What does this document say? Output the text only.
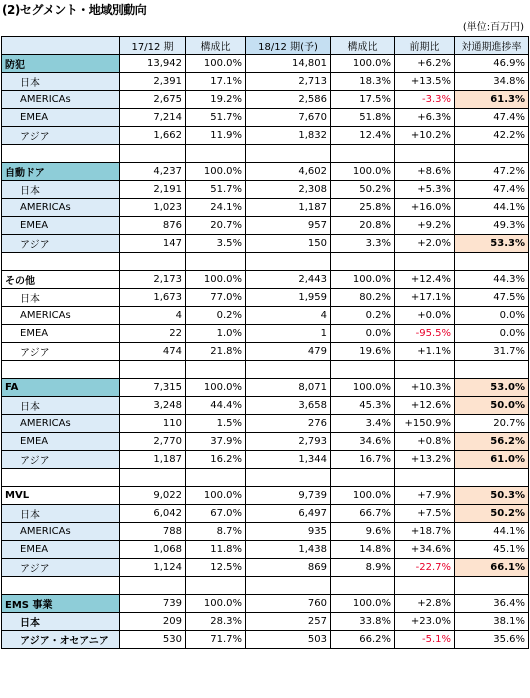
(2)セグメント・地域別動向
(単位:百万円)
	17/12 期	構成比	18/12 期(予)	構成比	前期比	対通期進捗率
防犯	13,942	100.0%	14,801	100.0%	+6.2%	46.9%
日本	2,391	17.1%	2,713	18.3%	+13.5%	34.8%
AMERICAs	2,675	19.2%	2,586	17.5%	-3.3%	61.3%
EMEA	7,214	51.7%	7,670	51.8%	+6.3%	47.4%
アジア	1,662	11.9%	1,832	12.4%	+10.2%	42.2%

自動ドア	4,237	100.0%	4,602	100.0%	+8.6%	47.2%
日本	2,191	51.7%	2,308	50.2%	+5.3%	47.4%
AMERICAs	1,023	24.1%	1,187	25.8%	+16.0%	44.1%
EMEA	876	20.7%	957	20.8%	+9.2%	49.3%
アジア	147	3.5%	150	3.3%	+2.0%	53.3%

その他	2,173	100.0%	2,443	100.0%	+12.4%	44.3%
日本	1,673	77.0%	1,959	80.2%	+17.1%	47.5%
AMERICAs	4	0.2%	4	0.2%	+0.0%	0.0%
EMEA	22	1.0%	1	0.0%	-95.5%	0.0%
アジア	474	21.8%	479	19.6%	+1.1%	31.7%

FA	7,315	100.0%	8,071	100.0%	+10.3%	53.0%
日本	3,248	44.4%	3,658	45.3%	+12.6%	50.0%
AMERICAs	110	1.5%	276	3.4%	+150.9%	20.7%
EMEA	2,770	37.9%	2,793	34.6%	+0.8%	56.2%
アジア	1,187	16.2%	1,344	16.7%	+13.2%	61.0%

MVL	9,022	100.0%	9,739	100.0%	+7.9%	50.3%
日本	6,042	67.0%	6,497	66.7%	+7.5%	50.2%
AMERICAs	788	8.7%	935	9.6%	+18.7%	44.1%
EMEA	1,068	11.8%	1,438	14.8%	+34.6%	45.1%
アジア	1,124	12.5%	869	8.9%	-22.7%	66.1%

EMS 事業	739	100.0%	760	100.0%	+2.8%	36.4%
日本	209	28.3%	257	33.8%	+23.0%	38.1%
アジア・オセアニア	530	71.7%	503	66.2%	-5.1%	35.6%
